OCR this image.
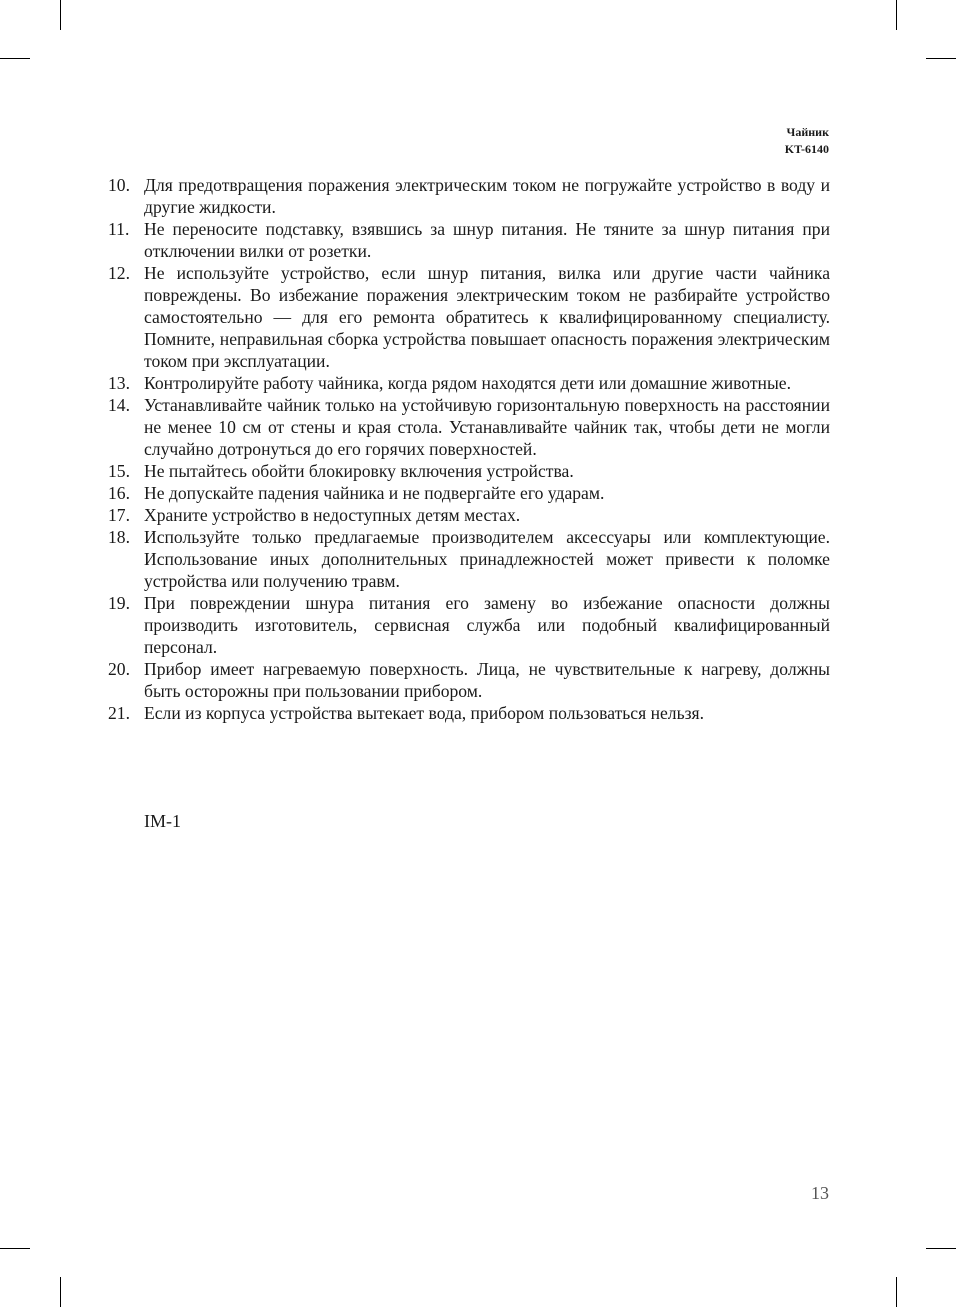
Чайник
KT-6140
10. Для предотвращения поражения электрическим током не погружайте устройство в воду и другие жидкости.
11. Не переносите подставку, взявшись за шнур питания. Не тяните за шнур питания при отключении вилки от розетки.
12. Не используйте устройство, если шнур питания, вилка или другие части чайника повреждены. Во избежание поражения электрическим током не разбирайте устройство самостоятельно — для его ремонта обратитесь к квалифицированному специалисту. Помните, неправильная сборка устройства повышает опасность поражения электрическим током при эксплуатации.
13. Контролируйте работу чайника, когда рядом находятся дети или домашние животные.
14. Устанавливайте чайник только на устойчивую горизонтальную поверхность на расстоянии не менее 10 см от стены и края стола. Устанавливайте чайник так, чтобы дети не могли случайно дотронуться до его горячих поверхностей.
15. Не пытайтесь обойти блокировку включения устройства.
16. Не допускайте падения чайника и не подвергайте его ударам.
17. Храните устройство в недоступных детям местах.
18. Используйте только предлагаемые производителем аксессуары или комплектующие. Использование иных дополнительных принадлежностей может привести к поломке устройства или получению травм.
19. При повреждении шнура питания его замену во избежание опасности должны производить изготовитель, сервисная служба или подобный квалифицированный персонал.
20. Прибор имеет нагреваемую поверхность. Лица, не чувствительные к нагреву, должны быть осторожны при пользовании прибором.
21. Если из корпуса устройства вытекает вода, прибором пользоваться нельзя.
IM-1
13
